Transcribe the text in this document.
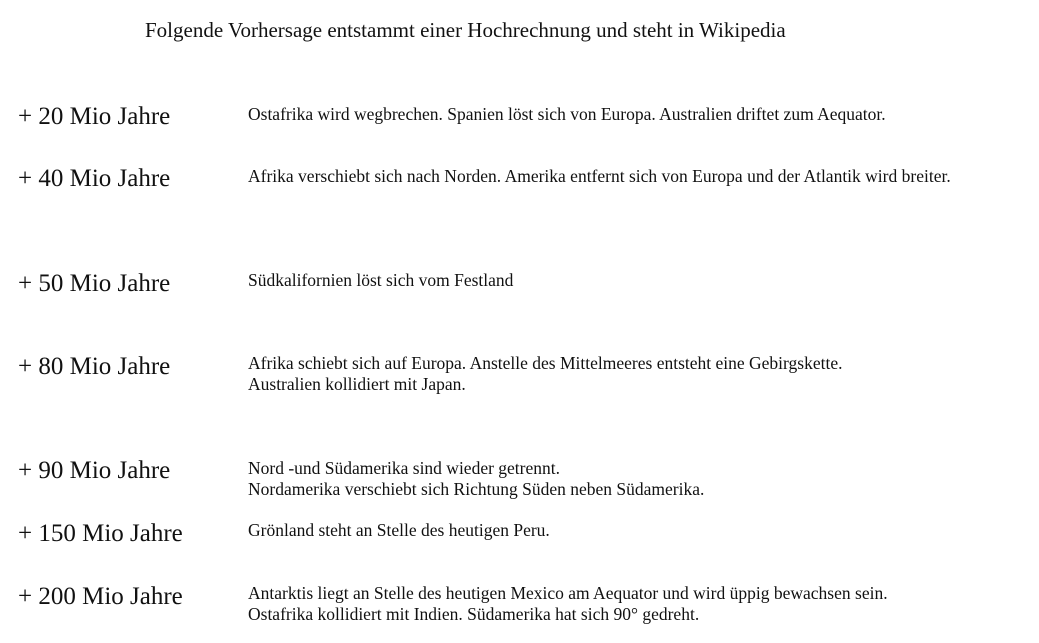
Folgende Vorhersage entstammt einer Hochrechnung und steht in Wikipedia
+ 20 Mio Jahre	Ostafrika wird wegbrechen. Spanien löst sich von Europa. Australien driftet zum Aequator.
+ 40 Mio Jahre	Afrika verschiebt sich nach Norden. Amerika entfernt sich von Europa und der Atlantik wird breiter.
+ 50 Mio Jahre	Südkalifornien löst sich vom Festland
+ 80 Mio Jahre	Afrika schiebt sich auf Europa. Anstelle des Mittelmeeres entsteht eine Gebirgskette.
Australien kollidiert mit Japan.
+ 90 Mio Jahre	Nord -und Südamerika sind wieder getrennt.
Nordamerika verschiebt sich Richtung Süden neben Südamerika.
+ 150 Mio Jahre	Grönland steht an Stelle des heutigen Peru.
+ 200 Mio Jahre	Antarktis liegt an Stelle des heutigen Mexico am Aequator und wird üppig bewachsen sein.
Ostafrika kollidiert mit Indien. Südamerika hat sich 90° gedreht.
